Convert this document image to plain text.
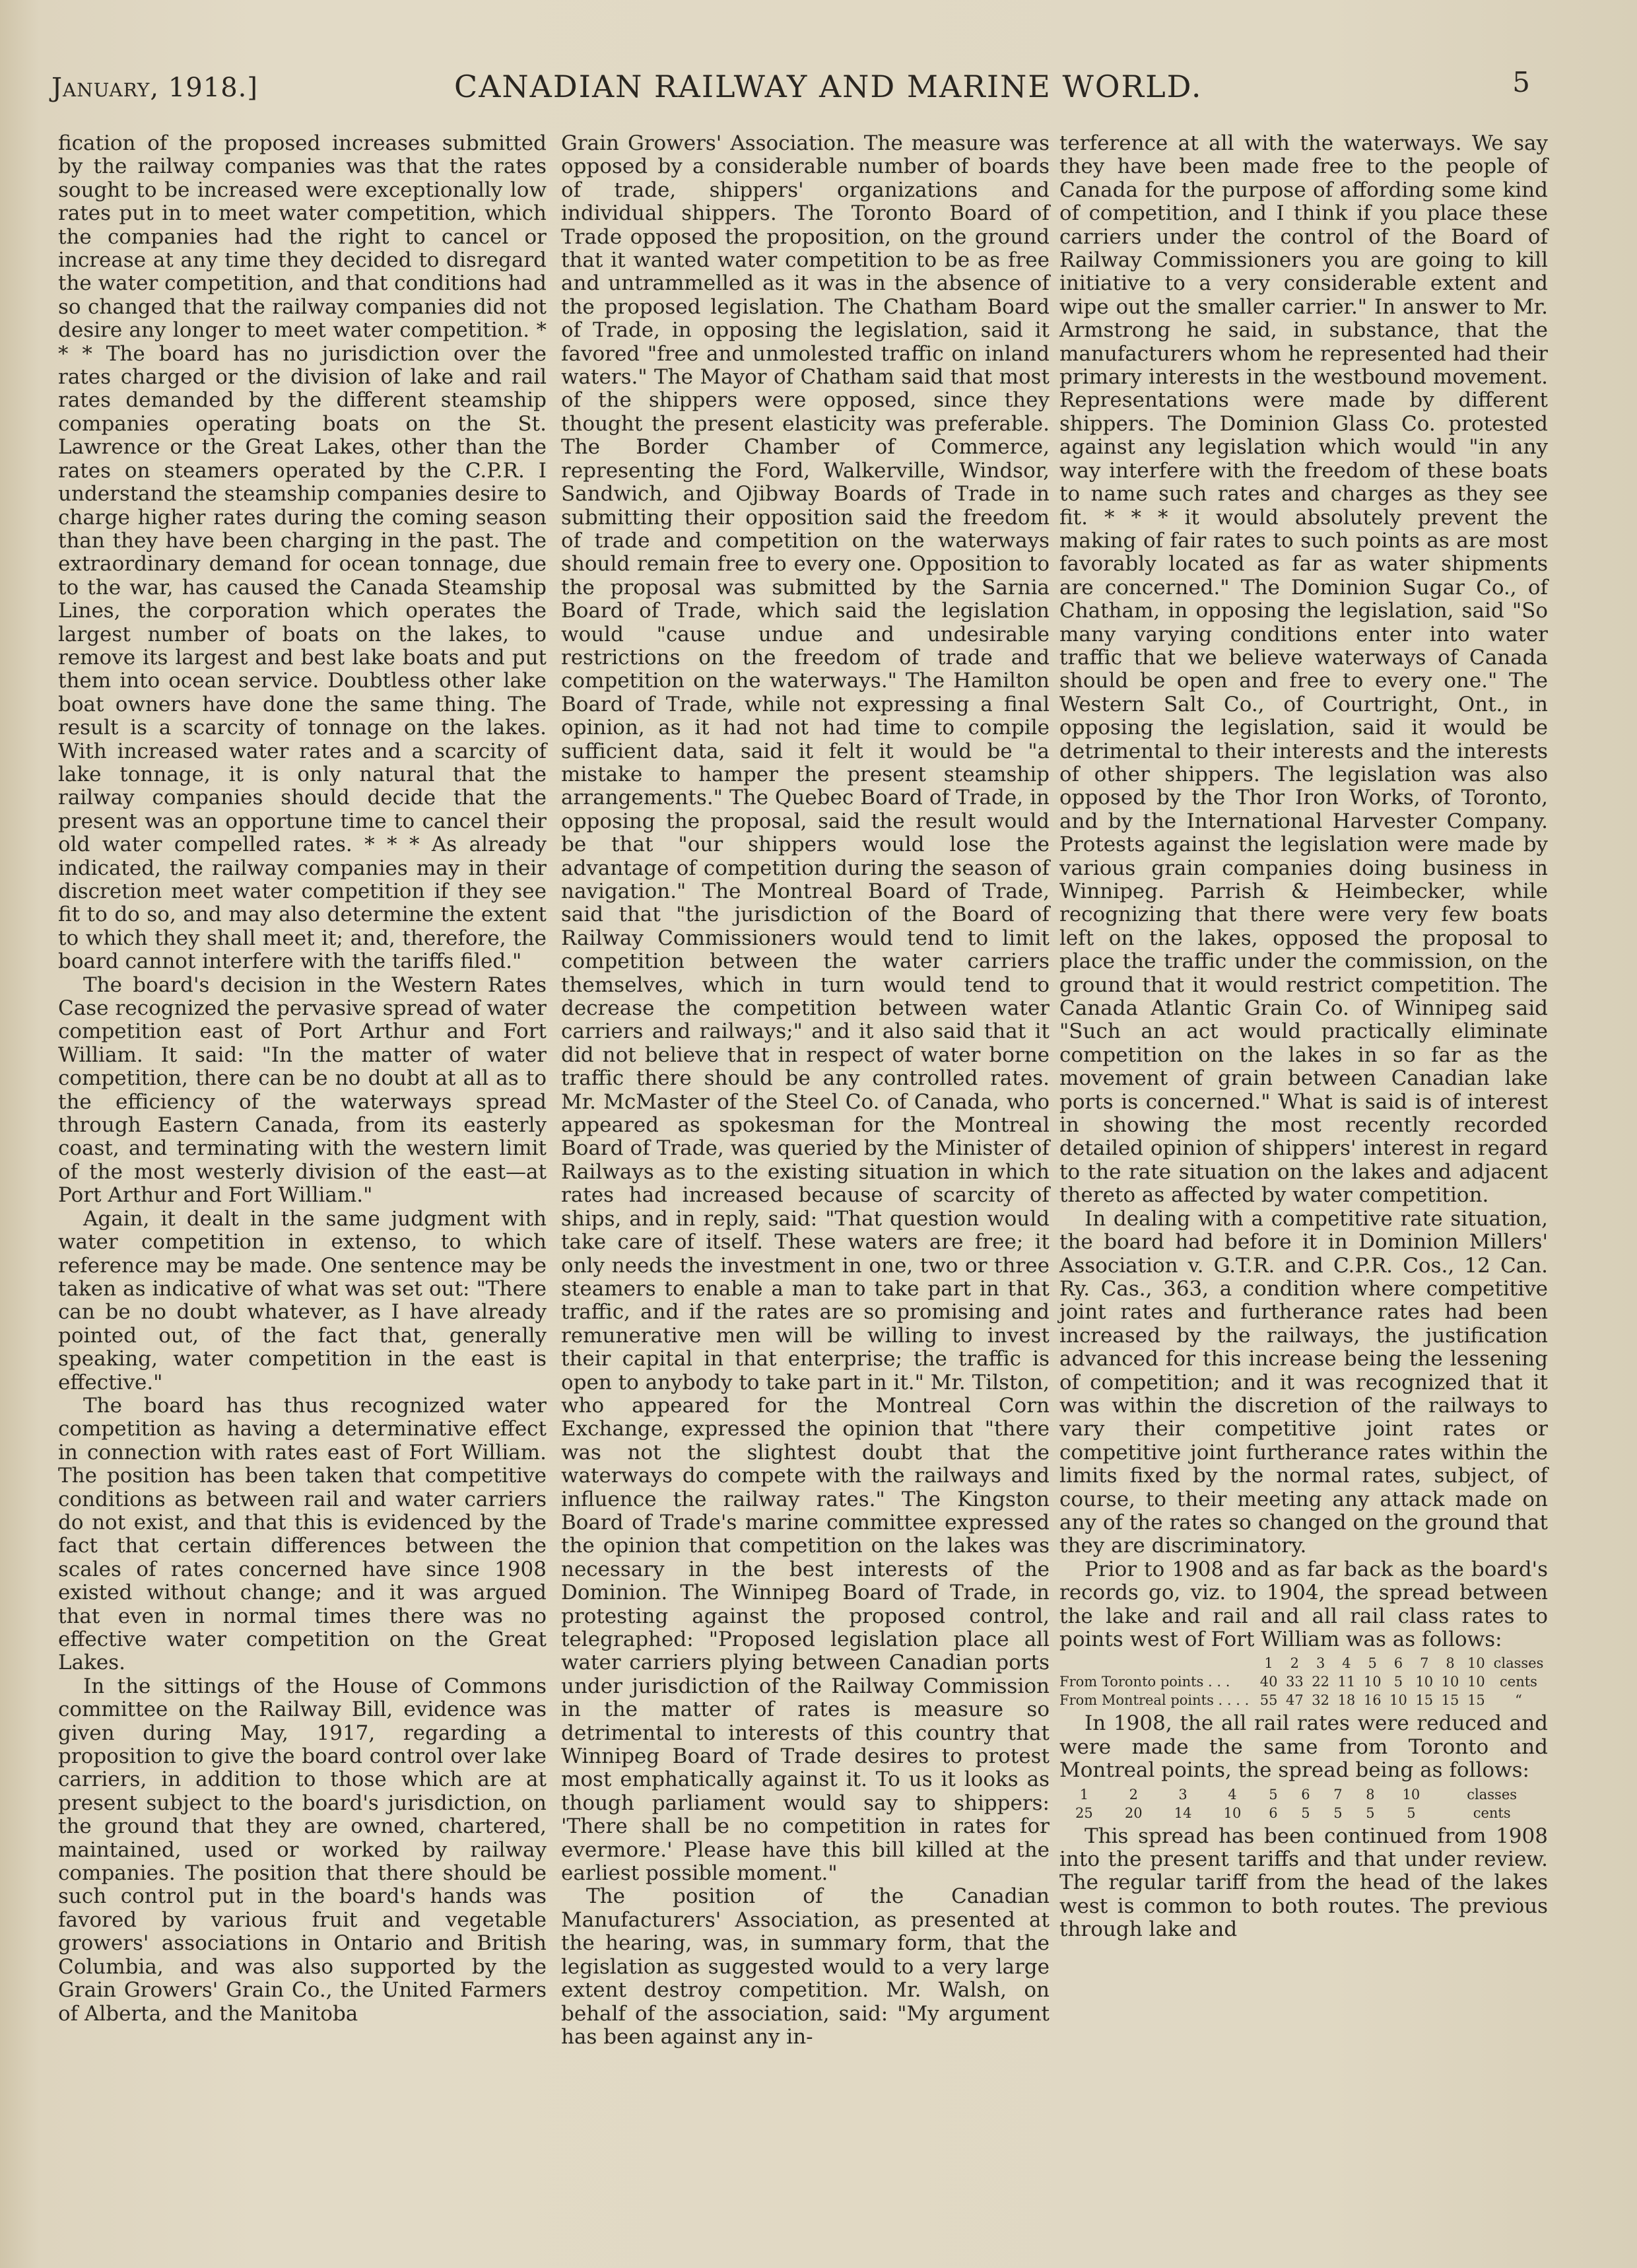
January, 1918.]	CANADIAN RAILWAY AND MARINE WORLD.	5

fication of the proposed increases submitted by the railway companies was that the rates sought to be increased were exceptionally low rates put in to meet water competition, which the companies had the right to cancel or increase at any time they decided to disregard the water competition, and that conditions had so changed that the railway companies did not desire any longer to meet water competition. * * * The board has no jurisdiction over the rates charged or the division of lake and rail rates demanded by the different steamship companies operating boats on the St. Lawrence or the Great Lakes, other than the rates on steamers operated by the C.P.R. I understand the steamship companies desire to charge higher rates during the coming season than they have been charging in the past. The extraordinary demand for ocean tonnage, due to the war, has caused the Canada Steamship Lines, the corporation which operates the largest number of boats on the lakes, to remove its largest and best lake boats and put them into ocean service. Doubtless other lake boat owners have done the same thing. The result is a scarcity of tonnage on the lakes. With increased water rates and a scarcity of lake tonnage, it is only natural that the railway companies should decide that the present was an opportune time to cancel their old water compelled rates. * * * As already indicated, the railway companies may in their discretion meet water competition if they see fit to do so, and may also determine the extent to which they shall meet it; and, therefore, the board cannot interfere with the tariffs filed."

The board's decision in the Western Rates Case recognized the pervasive spread of water competition east of Port Arthur and Fort William. It said: "In the matter of water competition, there can be no doubt at all as to the efficiency of the waterways spread through Eastern Canada, from its easterly coast, and terminating with the western limit of the most westerly division of the east—at Port Arthur and Fort William."

Again, it dealt in the same judgment with water competition in extenso, to which reference may be made. One sentence may be taken as indicative of what was set out: "There can be no doubt whatever, as I have already pointed out, of the fact that, generally speaking, water competition in the east is effective."

The board has thus recognized water competition as having a determinative effect in connection with rates east of Fort William. The position has been taken that competitive conditions as between rail and water carriers do not exist, and that this is evidenced by the fact that certain differences between the scales of rates concerned have since 1908 existed without change; and it was argued that even in normal times there was no effective water competition on the Great Lakes.

In the sittings of the House of Commons committee on the Railway Bill, evidence was given during May, 1917, regarding a proposition to give the board control over lake carriers, in addition to those which are at present subject to the board's jurisdiction, on the ground that they are owned, chartered, maintained, used or worked by railway companies. The position that there should be such control put in the board's hands was favored by various fruit and vegetable growers' associations in Ontario and British Columbia, and was also supported by the Grain Growers' Grain Co., the United Farmers of Alberta, and the Manitoba

Grain Growers' Association. The measure was opposed by a considerable number of boards of trade, shippers' organizations and individual shippers. The Toronto Board of Trade opposed the proposition, on the ground that it wanted water competition to be as free and untrammelled as it was in the absence of the proposed legislation. The Chatham Board of Trade, in opposing the legislation, said it favored "free and unmolested traffic on inland waters." The Mayor of Chatham said that most of the shippers were opposed, since they thought the present elasticity was preferable. The Border Chamber of Commerce, representing the Ford, Walkerville, Windsor, Sandwich, and Ojibway Boards of Trade in submitting their opposition said the freedom of trade and competition on the waterways should remain free to every one. Opposition to the proposal was submitted by the Sarnia Board of Trade, which said the legislation would "cause undue and undesirable restrictions on the freedom of trade and competition on the waterways." The Hamilton Board of Trade, while not expressing a final opinion, as it had not had time to compile sufficient data, said it felt it would be "a mistake to hamper the present steamship arrangements." The Quebec Board of Trade, in opposing the proposal, said the result would be that "our shippers would lose the advantage of competition during the season of navigation." The Montreal Board of Trade, said that "the jurisdiction of the Board of Railway Commissioners would tend to limit competition between the water carriers themselves, which in turn would tend to decrease the competition between water carriers and railways;" and it also said that it did not believe that in respect of water borne traffic there should be any controlled rates. Mr. McMaster of the Steel Co. of Canada, who appeared as spokesman for the Montreal Board of Trade, was queried by the Minister of Railways as to the existing situation in which rates had increased because of scarcity of ships, and in reply, said: "That question would take care of itself. These waters are free; it only needs the investment in one, two or three steamers to enable a man to take part in that traffic, and if the rates are so promising and remunerative men will be willing to invest their capital in that enterprise; the traffic is open to anybody to take part in it." Mr. Tilston, who appeared for the Montreal Corn Exchange, expressed the opinion that "there was not the slightest doubt that the waterways do compete with the railways and influence the railway rates." The Kingston Board of Trade's marine committee expressed the opinion that competition on the lakes was necessary in the best interests of the Dominion. The Winnipeg Board of Trade, in protesting against the proposed control, telegraphed: "Proposed legislation place all water carriers plying between Canadian ports under jurisdiction of the Railway Commission in the matter of rates is measure so detrimental to interests of this country that Winnipeg Board of Trade desires to protest most emphatically against it. To us it looks as though parliament would say to shippers: 'There shall be no competition in rates for evermore.' Please have this bill killed at the earliest possible moment."

The position of the Canadian Manufacturers' Association, as presented at the hearing, was, in summary form, that the legislation as suggested would to a very large extent destroy competition. Mr. Walsh, on behalf of the association, said: "My argument has been against any in-

terference at all with the waterways. We say they have been made free to the people of Canada for the purpose of affording some kind of competition, and I think if you place these carriers under the control of the Board of Railway Commissioners you are going to kill initiative to a very considerable extent and wipe out the smaller carrier." In answer to Mr. Armstrong he said, in substance, that the manufacturers whom he represented had their primary interests in the westbound movement. Representations were made by different shippers. The Dominion Glass Co. protested against any legislation which would "in any way interfere with the freedom of these boats to name such rates and charges as they see fit. * * * it would absolutely prevent the making of fair rates to such points as are most favorably located as far as water shipments are concerned." The Dominion Sugar Co., of Chatham, in opposing the legislation, said "So many varying conditions enter into water traffic that we believe waterways of Canada should be open and free to every one." The Western Salt Co., of Courtright, Ont., in opposing the legislation, said it would be detrimental to their interests and the interests of other shippers. The legislation was also opposed by the Thor Iron Works, of Toronto, and by the International Harvester Company. Protests against the legislation were made by various grain companies doing business in Winnipeg. Parrish & Heimbecker, while recognizing that there were very few boats left on the lakes, opposed the proposal to place the traffic under the commission, on the ground that it would restrict competition. The Canada Atlantic Grain Co. of Winnipeg said "Such an act would practically eliminate competition on the lakes in so far as the movement of grain between Canadian lake ports is concerned." What is said is of interest in showing the most recently recorded detailed opinion of shippers' interest in regard to the rate situation on the lakes and adjacent thereto as affected by water competition.

In dealing with a competitive rate situation, the board had before it in Dominion Millers' Association v. G.T.R. and C.P.R. Cos., 12 Can. Ry. Cas., 363, a condition where competitive joint rates and furtherance rates had been increased by the railways, the justification advanced for this increase being the lessening of competition; and it was recognized that it was within the discretion of the railways to vary their competitive joint rates or competitive joint furtherance rates within the limits fixed by the normal rates, subject, of course, to their meeting any attack made on any of the rates so changed on the ground that they are discriminatory.

Prior to 1908 and as far back as the board's records go, viz. to 1904, the spread between the lake and rail and all rail class rates to points west of Fort William was as follows:

	1	2	3	4	5	6	7	8	10	classes
From Toronto points . . .	40	33	22	11	10	5	10	10	10	cents
From Montreal points . . . .	55	47	32	18	16	10	15	15	15	“

In 1908, the all rail rates were reduced and were made the same from Toronto and Montreal points, the spread being as follows:

1	2	3	4	5	6	7	8	10	classes
25	20	14	10	6	5	5	5	5	cents

This spread has been continued from 1908 into the present tariffs and that under review. The regular tariff from the head of the lakes west is common to both routes. The previous through lake and
